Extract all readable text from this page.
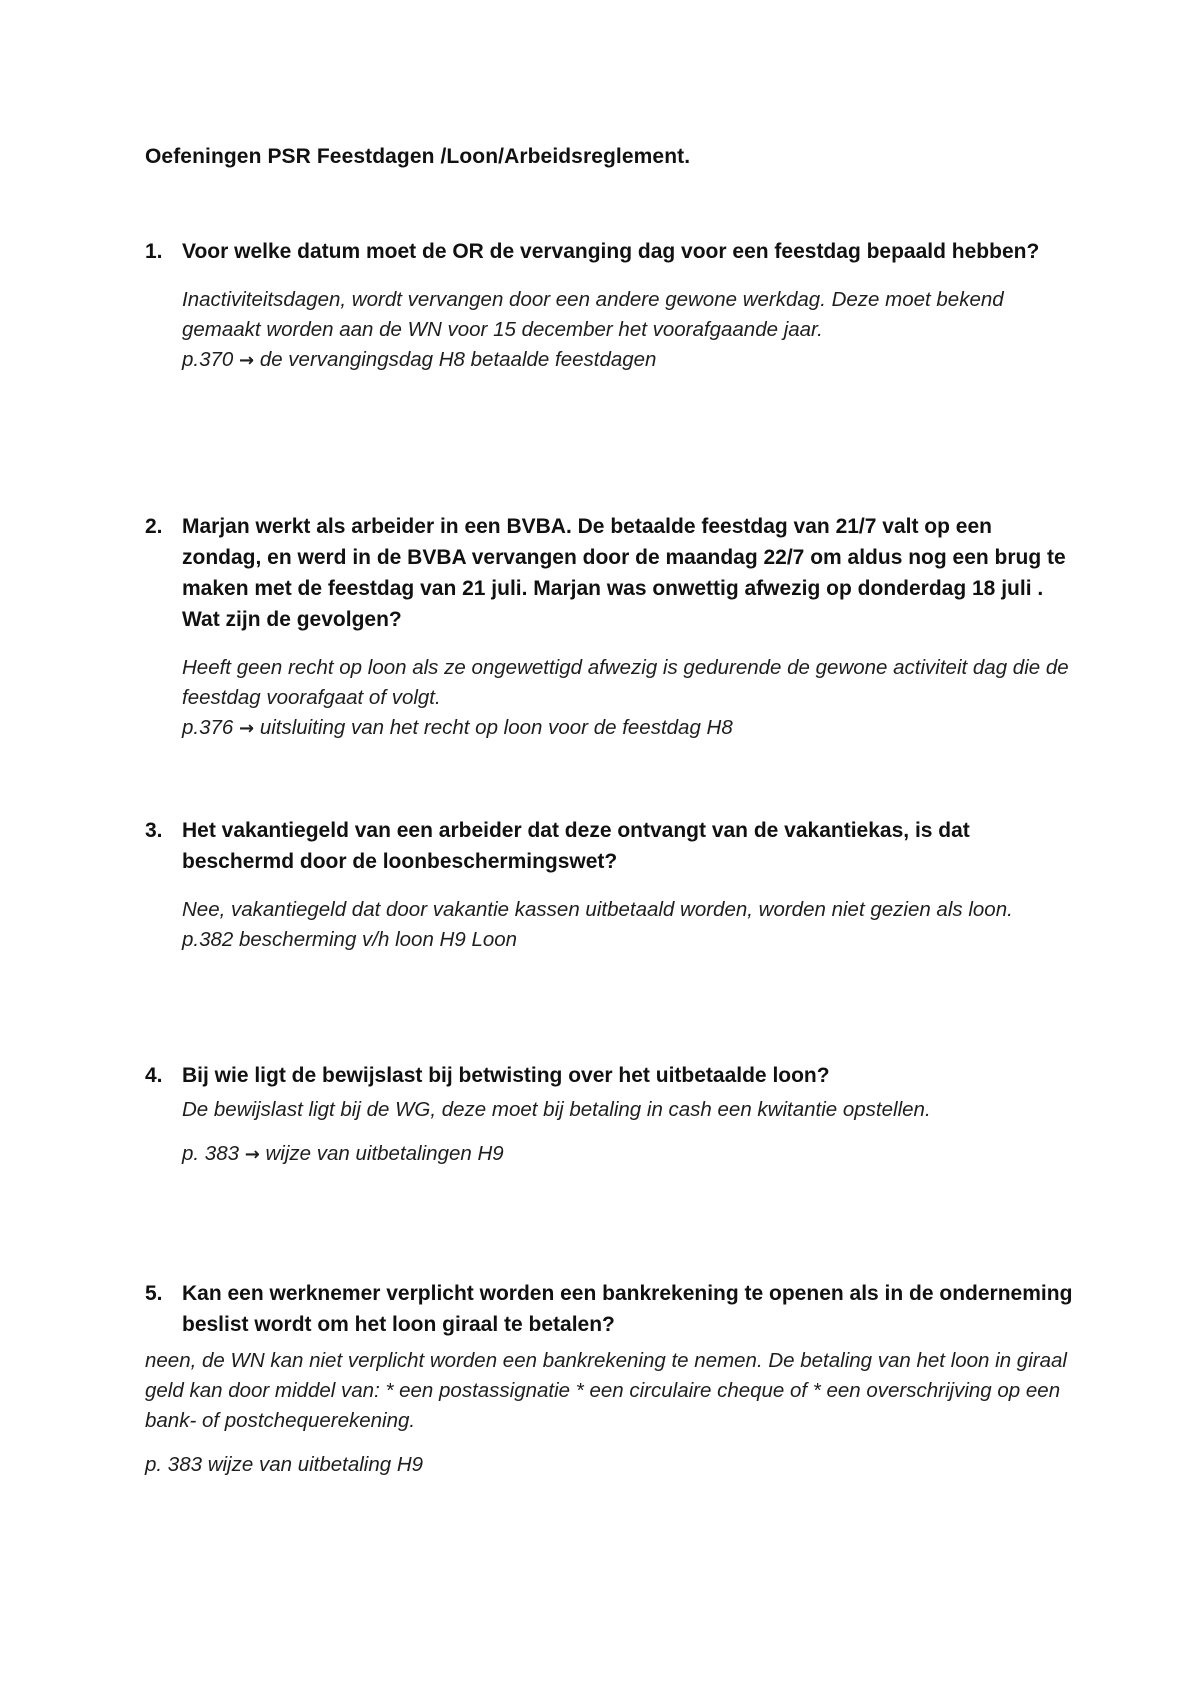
Oefeningen PSR Feestdagen /Loon/Arbeidsreglement.
1. Voor welke datum moet de OR de vervanging dag voor een feestdag bepaald hebben?

Inactiviteitsdagen, wordt vervangen door een andere gewone werkdag. Deze moet bekend gemaakt worden aan de WN voor 15 december het voorafgaande jaar.

p.370 → de vervangingsdag H8 betaalde feestdagen

2. Marjan werkt als arbeider in een BVBA. De betaalde feestdag van 21/7 valt op een zondag, en werd in de BVBA vervangen door de maandag 22/7 om aldus nog een brug te maken met de feestdag van 21 juli. Marjan was onwettig afwezig op donderdag 18 juli . Wat zijn de gevolgen?

Heeft geen recht op loon als ze ongewettigd afwezig is gedurende de gewone activiteit dag die de feestdag voorafgaat of volgt.

p.376 → uitsluiting van het recht op loon voor de feestdag H8

3. Het vakantiegeld van een arbeider dat deze ontvangt van de vakantiekas, is dat beschermd door de loonbeschermingswet?

Nee, vakantiegeld dat door vakantie kassen uitbetaald worden, worden niet gezien als loon.

p.382 bescherming v/h loon H9 Loon

4. Bij wie ligt de bewijslast bij betwisting over het uitbetaalde loon?

De bewijslast ligt bij de WG, deze moet bij betaling in cash een kwitantie opstellen.

p. 383 → wijze van uitbetalingen H9

5. Kan een werknemer verplicht worden een bankrekening te openen als in de onderneming beslist wordt om het loon giraal te betalen?

neen, de WN kan niet verplicht worden een bankrekening te nemen. De betaling van het loon in giraal geld kan door middel van: * een postassignatie * een circulaire cheque of * een overschrijving op een bank- of postchequerekening.

p. 383 wijze van uitbetaling H9
